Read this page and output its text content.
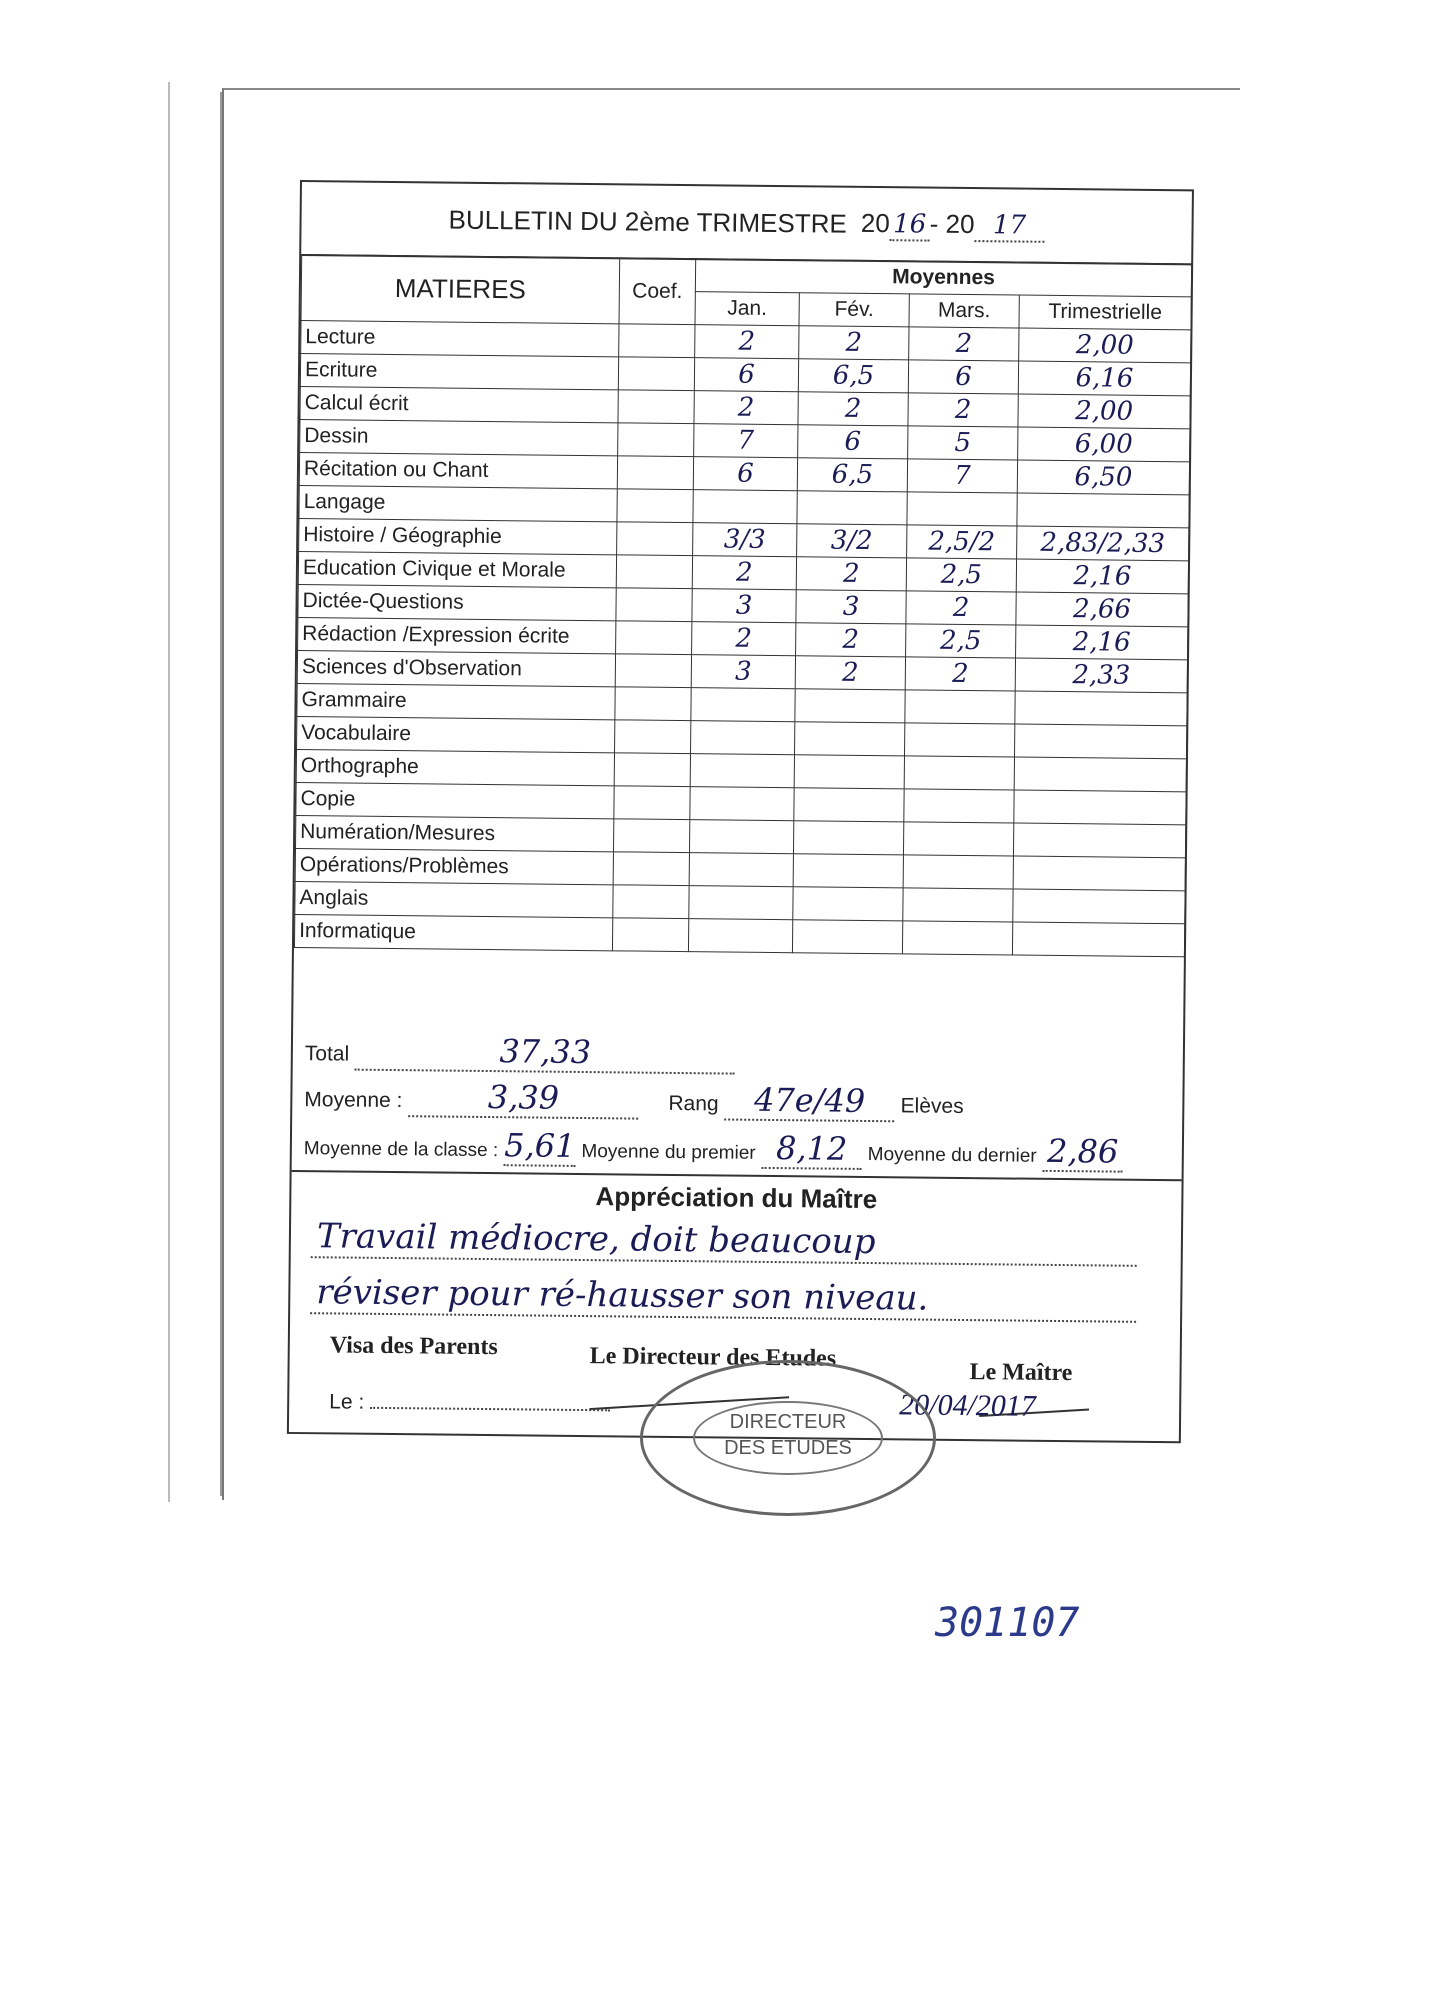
BULLETIN DU 2ème TRIMESTRE 20 16 - 20 17
MATIERES	Coef.	Moyennes			
		Jan.	Fév.	Mars.	Trimestrielle
Lecture		2	2	2	2,00
Ecriture		6	6,5	6	6,16
Calcul écrit		2	2	2	2,00
Dessin		7	6	5	6,00
Récitation ou Chant		6	6,5	7	6,50
Langage					
Histoire / Géographie		3/3	3/2	2,5/2	2,83/2,33
Education Civique et Morale		2	2	2,5	2,16
Dictée-Questions		3	3	2	2,66
Rédaction /Expression écrite		2	2	2,5	2,16
Sciences d'Observation		3	2	2	2,33
Grammaire					
Vocabulaire					
Orthographe					
Copie					
Numération/Mesures					
Opérations/Problèmes					
Anglais					
Informatique					
Total	37,33
Moyenne :	3,39	Rang	47e/49	Elèves
Moyenne de la classe : 5,61 Moyenne du premier 8,12	Moyenne du dernier 2,86
Appréciation du Maître
Travail médiocre, doit beaucoup
réviser pour ré-hausser son niveau.
Visa des Parents	Le Directeur des Etudes
Le Maître
Le :	20/04/2017
DIRECTEUR
DES ETUDES
301107
